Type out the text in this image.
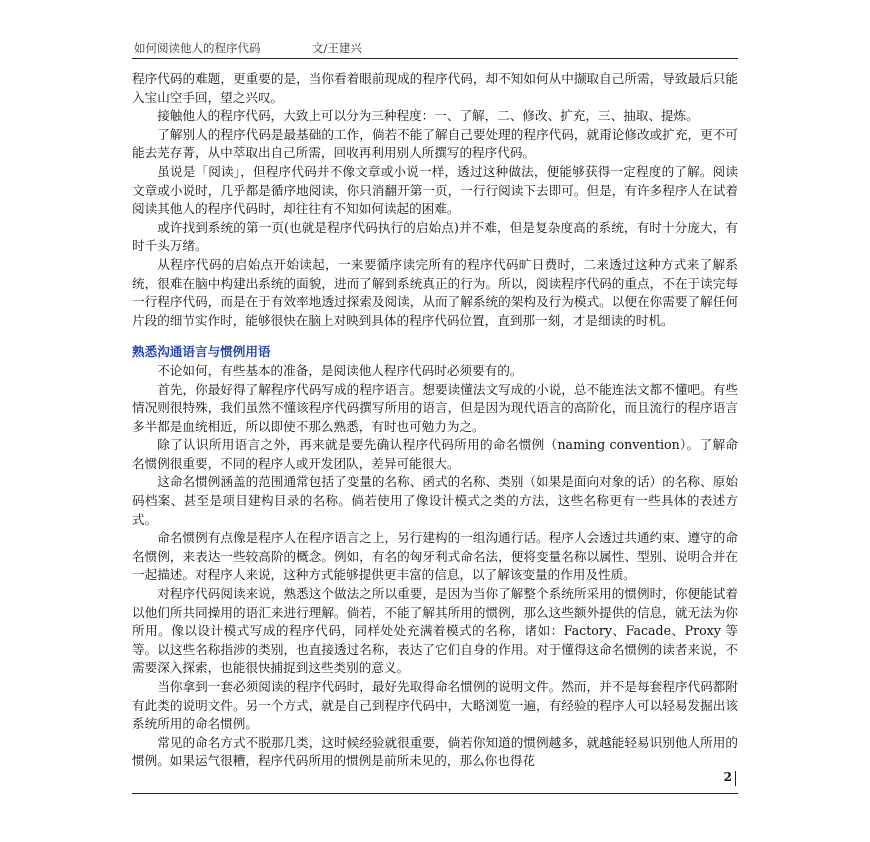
如何阅读他人的程序代码	文/王建兴

程序代码的难题，更重要的是，当你看着眼前现成的程序代码，却不知如何从中撷取自己所需，导致最后只能入宝山空手回，望之兴叹。

接触他人的程序代码，大致上可以分为三种程度：一、了解，二、修改、扩充，三、抽取、提炼。

了解别人的程序代码是最基础的工作，倘若不能了解自己要处理的程序代码，就甭论修改或扩充，更不可能去芜存菁，从中萃取出自己所需，回收再利用别人所撰写的程序代码。

虽说是「阅读」，但程序代码并不像文章或小说一样，透过这种做法，便能够获得一定程度的了解。阅读文章或小说时，几乎都是循序地阅读，你只消翻开第一页，一行行阅读下去即可。但是，有许多程序人在试着阅读其他人的程序代码时，却往往有不知如何读起的困难。

或许找到系统的第一页(也就是程序代码执行的启始点)并不难，但是复杂度高的系统，有时十分庞大，有时千头万绪。

从程序代码的启始点开始读起，一来要循序读完所有的程序代码旷日费时，二来透过这种方式来了解系统，很难在脑中构建出系统的面貌，进而了解到系统真正的行为。所以，阅读程序代码的重点，不在于读完每一行程序代码，而是在于有效率地透过探索及阅读，从而了解系统的架构及行为模式。以便在你需要了解任何片段的细节实作时，能够很快在脑上对映到具体的程序代码位置，直到那一刻，才是细读的时机。

熟悉沟通语言与惯例用语

不论如何，有些基本的准备，是阅读他人程序代码时必须要有的。

首先，你最好得了解程序代码写成的程序语言。想要读懂法文写成的小说，总不能连法文都不懂吧。有些情况则很特殊，我们虽然不懂该程序代码撰写所用的语言，但是因为现代语言的高阶化，而且流行的程序语言多半都是血统相近，所以即使不那么熟悉，有时也可勉力为之。

除了认识所用语言之外，再来就是要先确认程序代码所用的命名惯例（naming convention）。了解命名惯例很重要，不同的程序人或开发团队，差异可能很大。

这命名惯例涵盖的范围通常包括了变量的名称、函式的名称、类别（如果是面向对象的话）的名称、原始码档案、甚至是项目建构目录的名称。倘若使用了像设计模式之类的方法，这些名称更有一些具体的表述方式。

命名惯例有点像是程序人在程序语言之上，另行建构的一组沟通行话。程序人会透过共通约束、遵守的命名惯例，来表达一些较高阶的概念。例如，有名的匈牙利式命名法，便将变量名称以属性、型别、说明合并在一起描述。对程序人来说，这种方式能够提供更丰富的信息，以了解该变量的作用及性质。

对程序代码阅读来说，熟悉这个做法之所以重要，是因为当你了解整个系统所采用的惯例时，你便能试着以他们所共同操用的语汇来进行理解。倘若，不能了解其所用的惯例，那么这些额外提供的信息，就无法为你所用。像以设计模式写成的程序代码，同样处处充满着模式的名称，诸如：Factory、Facade、Proxy 等等。以这些名称指涉的类别，也直接透过名称，表达了它们自身的作用。对于懂得这命名惯例的读者来说，不需要深入探索，也能很快捕捉到这些类别的意义。

当你拿到一套必须阅读的程序代码时，最好先取得命名惯例的说明文件。然而，并不是每套程序代码都附有此类的说明文件。另一个方式，就是自己到程序代码中，大略浏览一遍，有经验的程序人可以轻易发掘出该系统所用的命名惯例。

常见的命名方式不脱那几类，这时候经验就很重要，倘若你知道的惯例越多，就越能轻易识别他人所用的惯例。如果运气很糟，程序代码所用的惯例是前所未见的，那么你也得花

2
